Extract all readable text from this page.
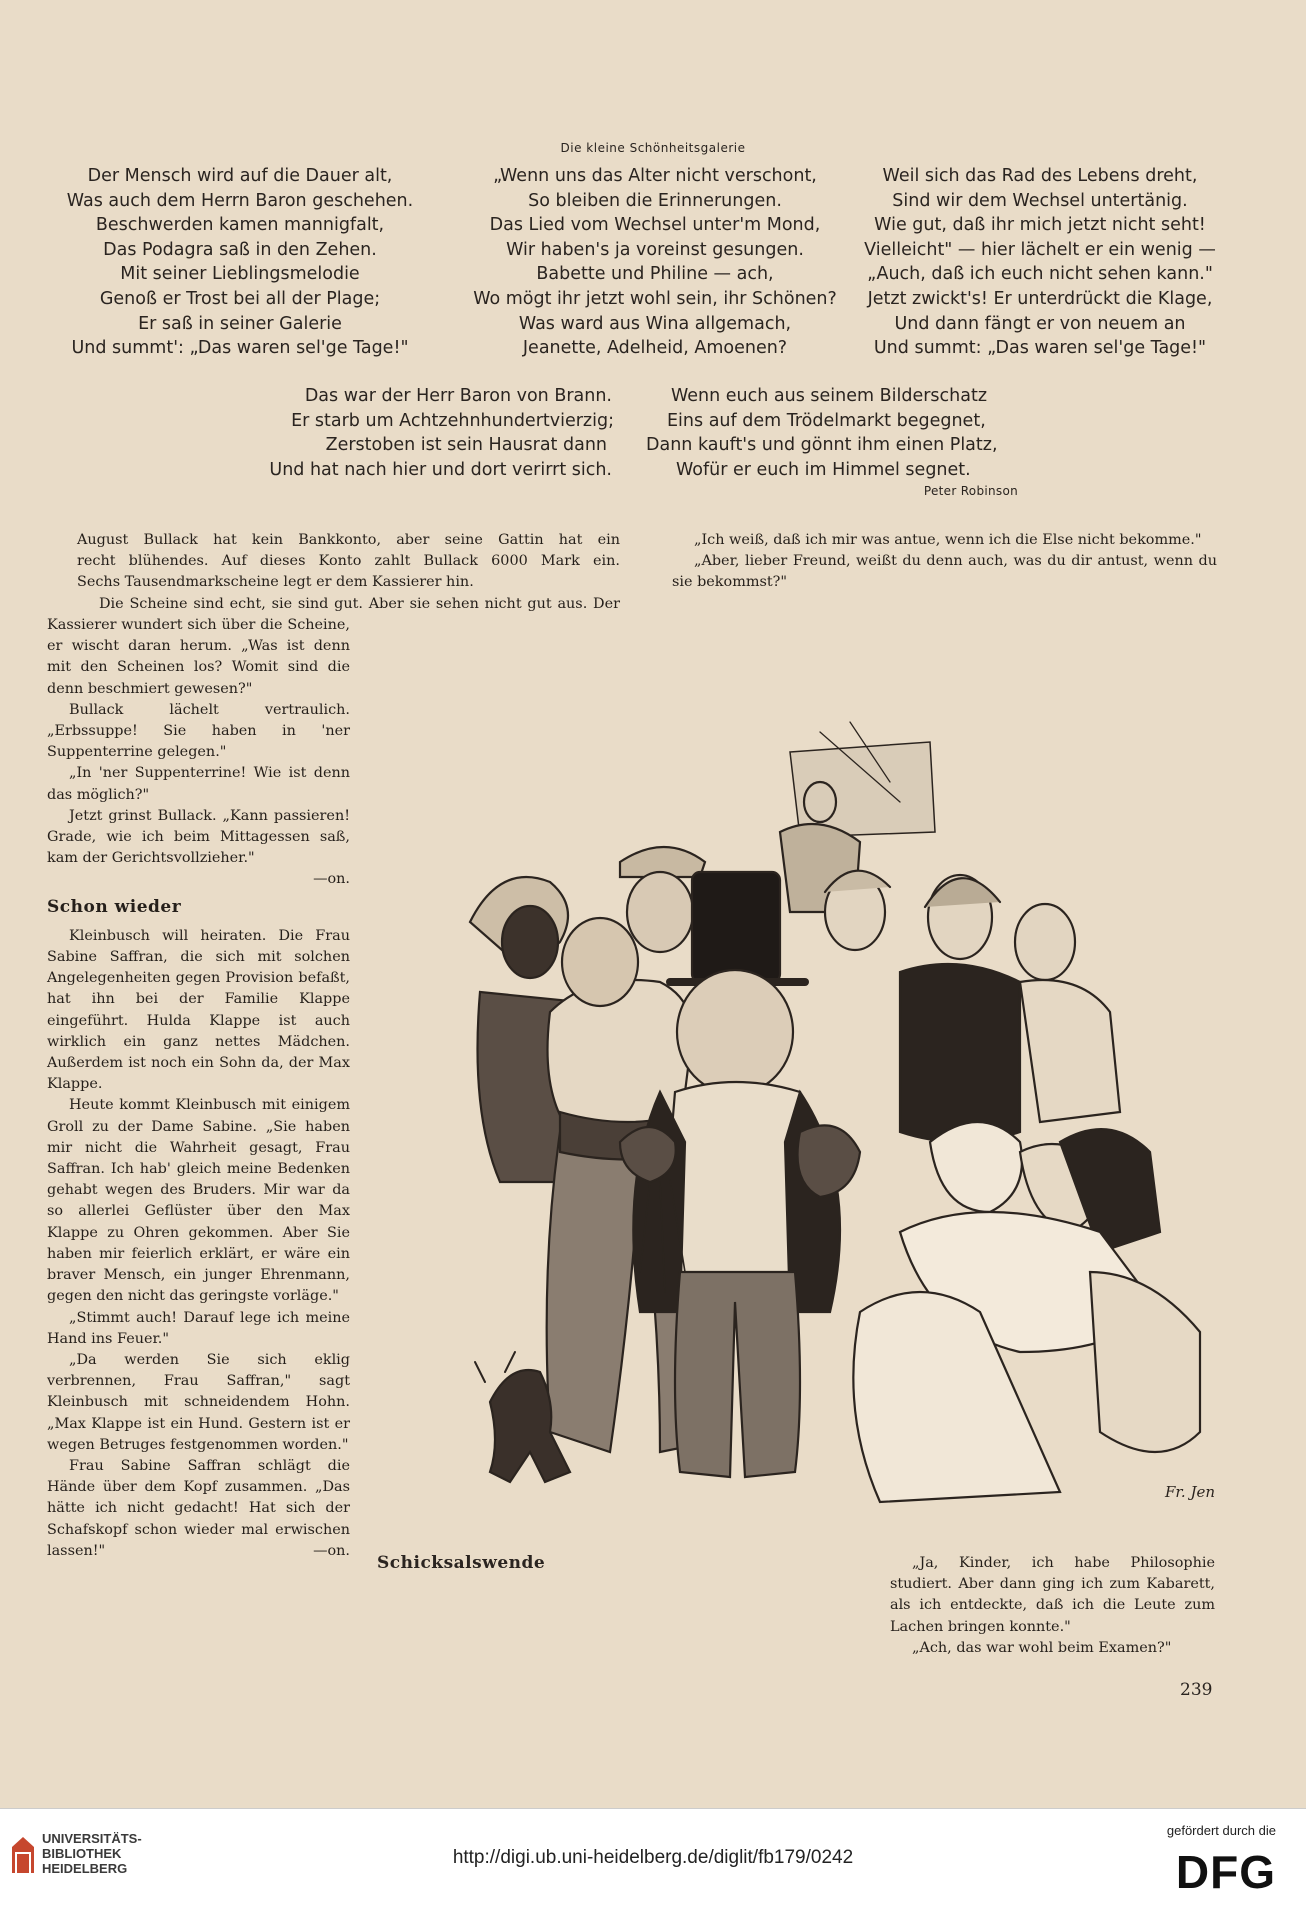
Die kleine Schönheitsgalerie
Der Mensch wird auf die Dauer alt,
Was auch dem Herrn Baron geschehen.
Beschwerden kamen mannigfalt,
Das Podagra saß in den Zehen.
Mit seiner Lieblingsmelodie
Genoß er Trost bei all der Plage;
Er saß in seiner Galerie
Und summt': „Das waren sel'ge Tage!"
„Wenn uns das Alter nicht verschont,
So bleiben die Erinnerungen.
Das Lied vom Wechsel unter'm Mond,
Wir haben's ja voreinst gesungen.
Babette und Philine — ach,
Wo mögt ihr jetzt wohl sein, ihr Schönen?
Was ward aus Wina allgemach,
Jeanette, Adelheid, Amoenen?
Weil sich das Rad des Lebens dreht,
Sind wir dem Wechsel untertänig.
Wie gut, daß ihr mich jetzt nicht seht!
Vielleicht" — hier lächelt er ein wenig —
„Auch, daß ich euch nicht sehen kann."
Jetzt zwickt's! Er unterdrückt die Klage,
Und dann fängt er von neuem an
Und summt: „Das waren sel'ge Tage!"
Das war der Herr Baron von Brann.
Er starb um Achtzehnhundertvierzig;
Zerstoben ist sein Hausrat dann
Und hat nach hier und dort verirrt sich.
Wenn euch aus seinem Bilderschatz
Eins auf dem Trödelmarkt begegnet,
Dann kauft's und gönnt ihm einen Platz,
Wofür er euch im Himmel segnet.
Peter Robinson

August Bullack hat kein Bankkonto, aber seine Gattin hat ein

recht blühendes. Auf dieses Konto zahlt Bullack 6000 Mark ein.

Sechs Tausendmarkscheine legt er dem Kassierer hin.

Die Scheine sind echt, sie sind gut. Aber sie sehen nicht gut aus. Der

Kassierer wundert sich über die Scheine, er wischt daran herum. „Was ist denn mit den Scheinen los? Womit sind die denn beschmiert gewesen?"

Bullack lächelt vertraulich. „Erbssuppe! Sie haben in 'ner Suppenterrine gelegen."

„In 'ner Suppenterrine! Wie ist denn das möglich?"

Jetzt grinst Bullack. „Kann passieren! Grade, wie ich beim Mittagessen saß, kam der Gerichtsvollzieher."

—on.
Schon wieder

Kleinbusch will heiraten. Die Frau Sabine Saffran, die sich mit solchen Angelegenheiten gegen Provision befaßt, hat ihn bei der Familie Klappe eingeführt. Hulda Klappe ist auch wirklich ein ganz nettes Mädchen. Außerdem ist noch ein Sohn da, der Max Klappe.

Heute kommt Kleinbusch mit einigem Groll zu der Dame Sabine. „Sie haben mir nicht die Wahrheit gesagt, Frau Saffran. Ich hab' gleich meine Bedenken gehabt wegen des Bruders. Mir war da so allerlei Geflüster über den Max Klappe zu Ohren gekommen. Aber Sie haben mir feierlich erklärt, er wäre ein braver Mensch, ein junger Ehrenmann, gegen den nicht das geringste vorläge."

„Stimmt auch! Darauf lege ich meine Hand ins Feuer."

„Da werden Sie sich eklig verbrennen, Frau Saffran," sagt Kleinbusch mit schneidendem Hohn. „Max Klappe ist ein Hund. Gestern ist er wegen Betruges festgenommen worden."

Frau Sabine Saffran schlägt die Hände über dem Kopf zusammen. „Das hätte ich nicht gedacht! Hat sich der Schafskopf schon wieder mal erwischen lassen!"	—on.

„Ich weiß, daß ich mir was antue, wenn ich die Else nicht bekomme."

„Aber, lieber Freund, weißt du denn auch, was du dir antust, wenn du sie bekommst?"

Fr. Jen
Schicksalswende	„Ja, Kinder, ich habe Philosophie studiert. Aber dann ging ich zum Kabarett, als ich entdeckte, daß ich die Leute zum Lachen bringen konnte."

„Ach, das war wohl beim Examen?"

239
UNIVERSITÄTS-
BIBLIOTHEK
HEIDELBERG
http://digi.ub.uni-heidelberg.de/diglit/fb179/0242
gefördert durch die
DFG
